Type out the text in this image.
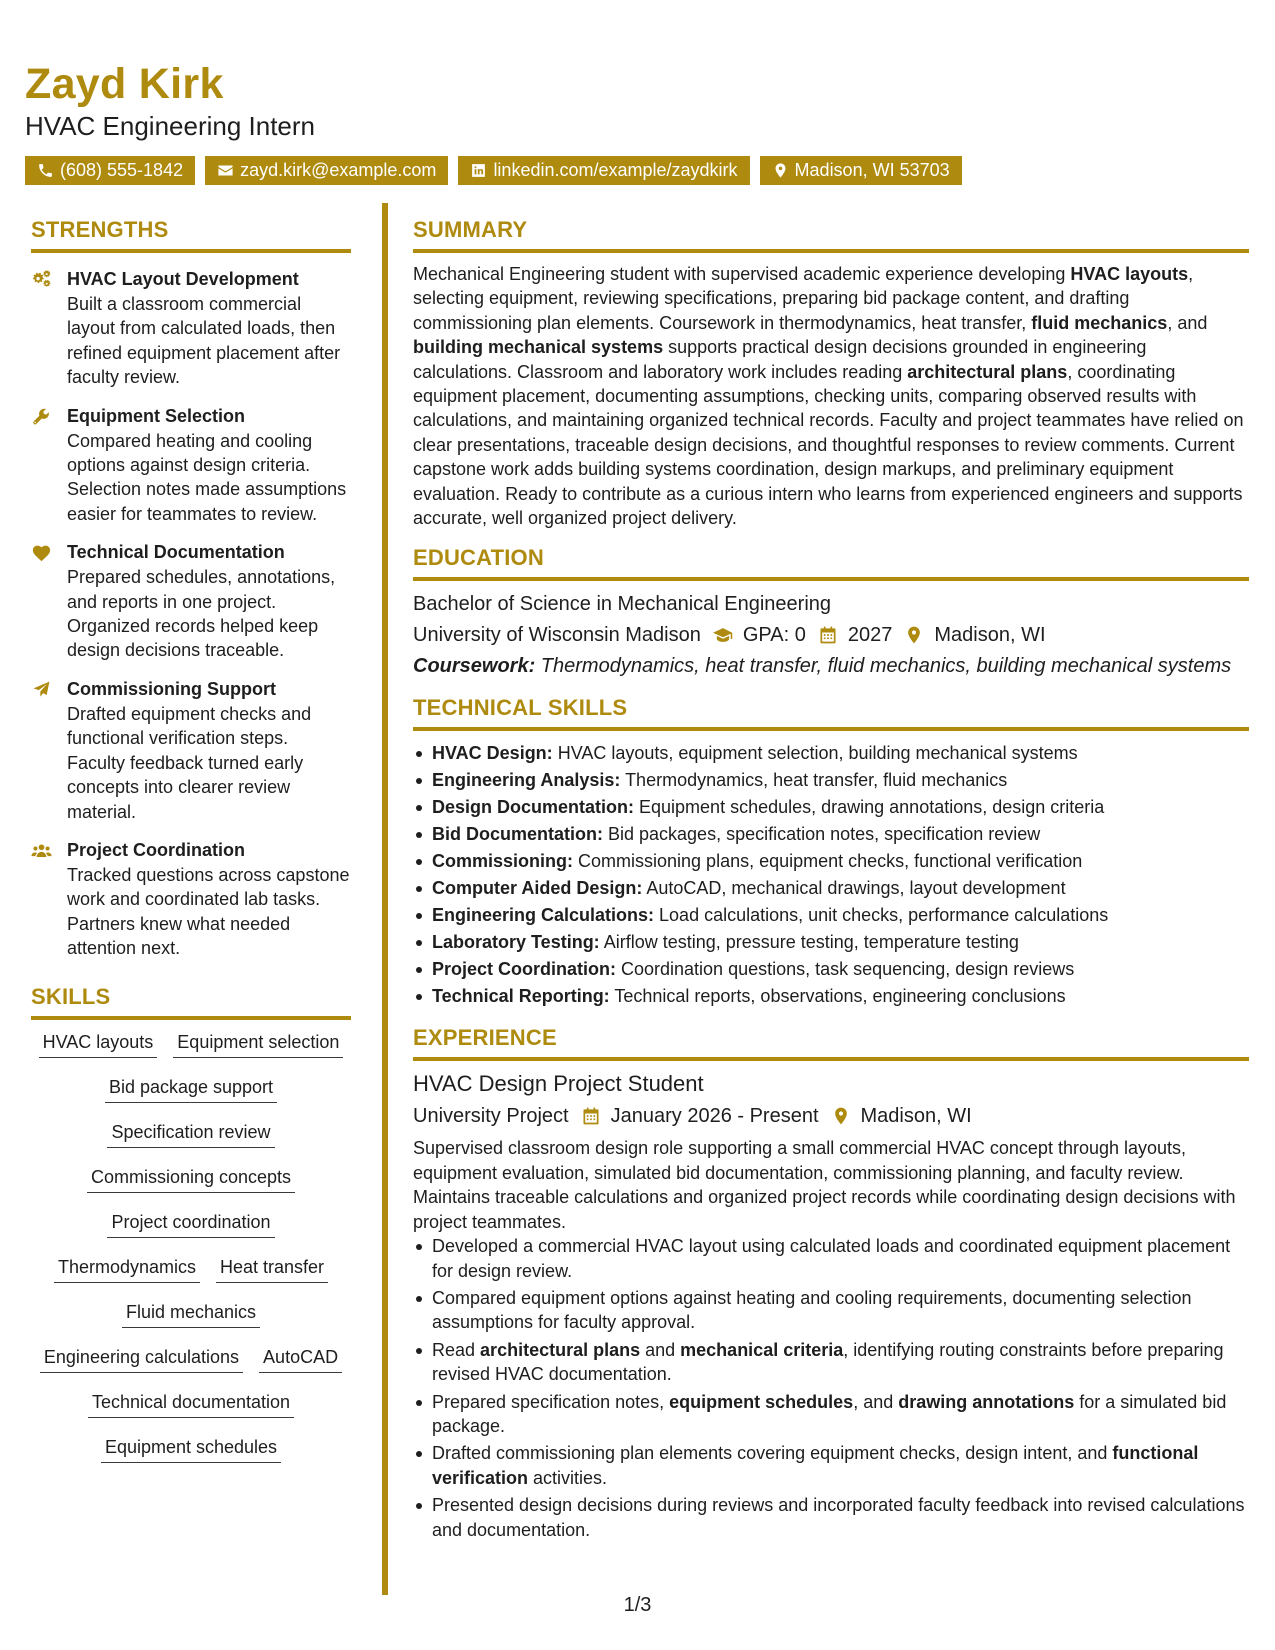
Zayd Kirk
HVAC Engineering Intern
(608) 555-1842	zayd.kirk@example.com	linkedin.com/example/zaydkirk	Madison, WI 53703
STRENGTHS
HVAC Layout Development
Built a classroom commercial layout from calculated loads, then refined equipment placement after faculty review.
Equipment Selection
Compared heating and cooling options against design criteria. Selection notes made assumptions easier for teammates to review.
Technical Documentation
Prepared schedules, annotations, and reports in one project. Organized records helped keep design decisions traceable.
Commissioning Support
Drafted equipment checks and functional verification steps. Faculty feedback turned early concepts into clearer review material.
Project Coordination
Tracked questions across capstone work and coordinated lab tasks. Partners knew what needed attention next.
SKILLS
HVAC layouts Equipment selection
Bid package support
Specification review
Commissioning concepts
Project coordination
Thermodynamics Heat transfer
Fluid mechanics
Engineering calculations AutoCAD
Technical documentation
Equipment schedules
SUMMARY
Mechanical Engineering student with supervised academic experience developing HVAC layouts, selecting equipment, reviewing specifications, preparing bid package content, and drafting commissioning plan elements. Coursework in thermodynamics, heat transfer, fluid mechanics, and building mechanical systems supports practical design decisions grounded in engineering calculations. Classroom and laboratory work includes reading architectural plans, coordinating equipment placement, documenting assumptions, checking units, comparing observed results with calculations, and maintaining organized technical records. Faculty and project teammates have relied on clear presentations, traceable design decisions, and thoughtful responses to review comments. Current capstone work adds building systems coordination, design markups, and preliminary equipment evaluation. Ready to contribute as a curious intern who learns from experienced engineers and supports accurate, well organized project delivery.
EDUCATION
Bachelor of Science in Mechanical Engineering
University of Wisconsin Madison GPA: 0 2027 Madison, WI
Coursework: Thermodynamics, heat transfer, fluid mechanics, building mechanical systems
TECHNICAL SKILLS
HVAC Design: HVAC layouts, equipment selection, building mechanical systems
Engineering Analysis: Thermodynamics, heat transfer, fluid mechanics
Design Documentation: Equipment schedules, drawing annotations, design criteria
Bid Documentation: Bid packages, specification notes, specification review
Commissioning: Commissioning plans, equipment checks, functional verification
Computer Aided Design: AutoCAD, mechanical drawings, layout development
Engineering Calculations: Load calculations, unit checks, performance calculations
Laboratory Testing: Airflow testing, pressure testing, temperature testing
Project Coordination: Coordination questions, task sequencing, design reviews
Technical Reporting: Technical reports, observations, engineering conclusions
EXPERIENCE
HVAC Design Project Student
University Project January 2026 - Present Madison, WI
Supervised classroom design role supporting a small commercial HVAC concept through layouts, equipment evaluation, simulated bid documentation, commissioning planning, and faculty review. Maintains traceable calculations and organized project records while coordinating design decisions with project teammates.
Developed a commercial HVAC layout using calculated loads and coordinated equipment placement for design review.
Compared equipment options against heating and cooling requirements, documenting selection assumptions for faculty approval.
Read architectural plans and mechanical criteria, identifying routing constraints before preparing revised HVAC documentation.
Prepared specification notes, equipment schedules, and drawing annotations for a simulated bid package.
Drafted commissioning plan elements covering equipment checks, design intent, and functional verification activities.
Presented design decisions during reviews and incorporated faculty feedback into revised calculations and documentation.
1/3
